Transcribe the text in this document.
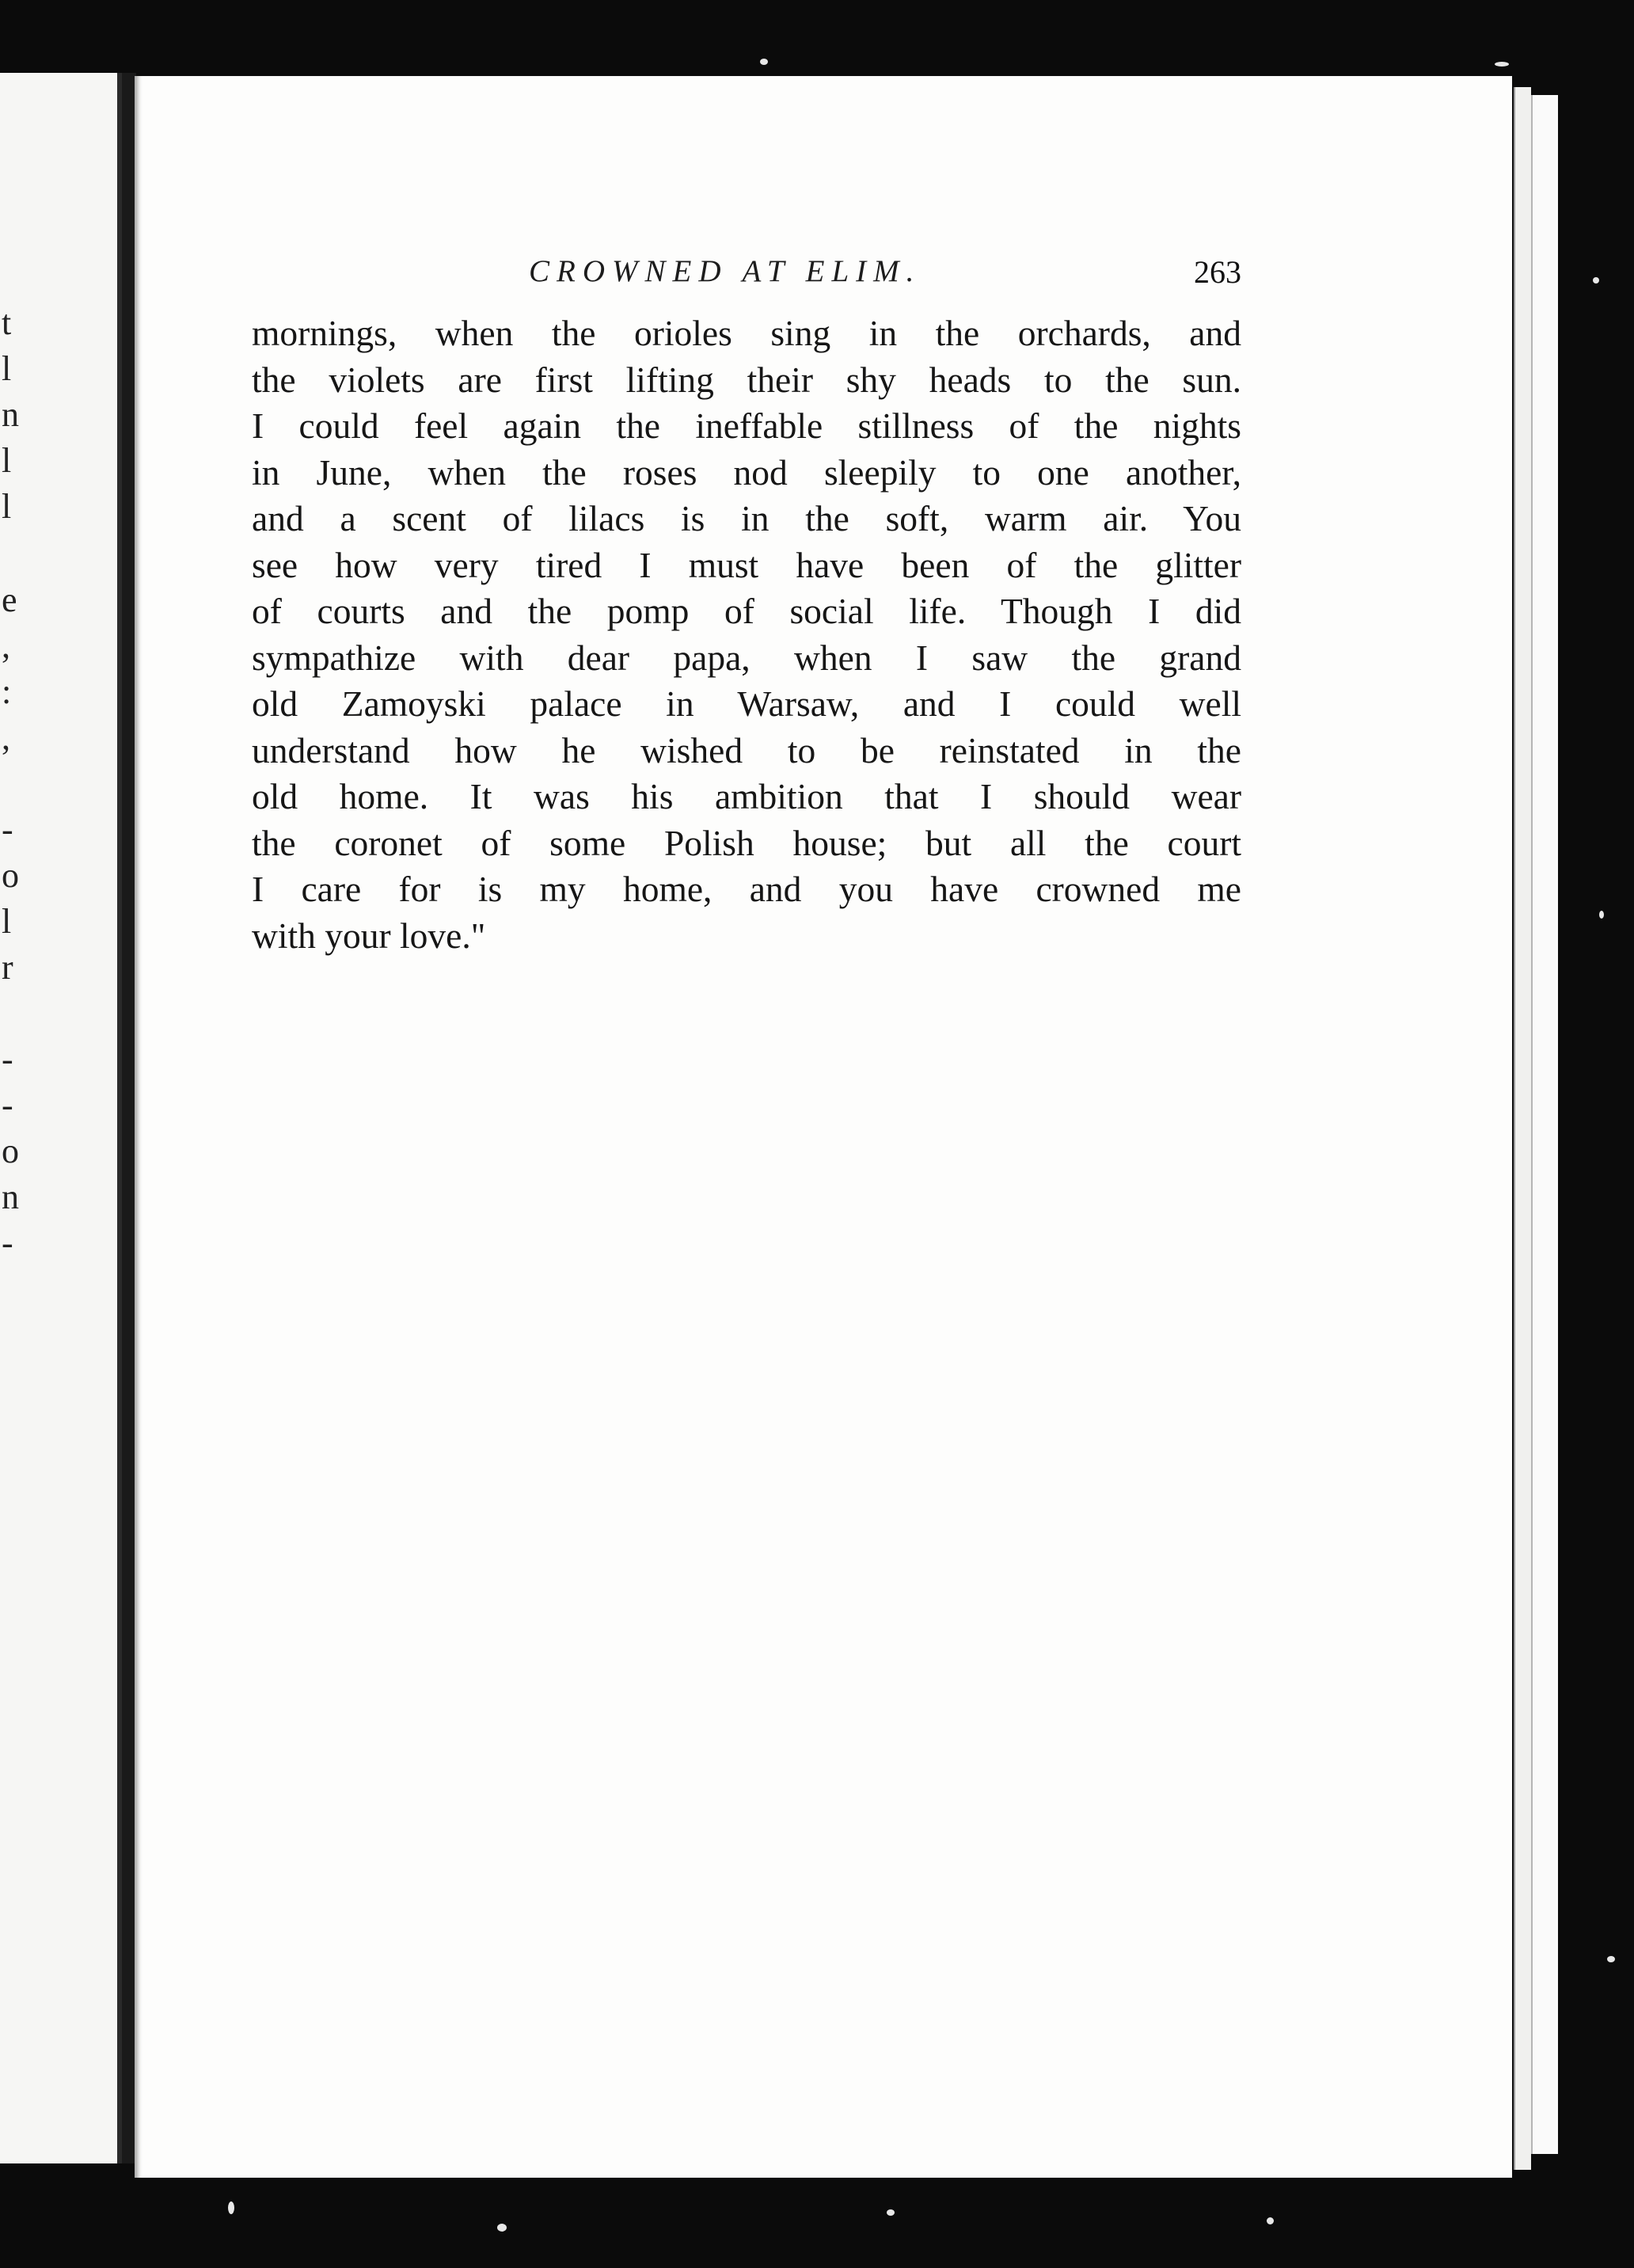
t
l
n
l
l
e
,
:
,
-
o
l
r
-
-
o
n
-
CROWNED AT ELIM.	263
mornings, when the orioles sing in the orchards, and
the violets are first lifting their shy heads to the sun.
I could feel again the ineffable stillness of the nights
in June, when the roses nod sleepily to one another,
and a scent of lilacs is in the soft, warm air. You
see how very tired I must have been of the glitter
of courts and the pomp of social life. Though I did
sympathize with dear papa, when I saw the grand
old Zamoyski palace in Warsaw, and I could well
understand how he wished to be reinstated in the
old home. It was his ambition that I should wear
the coronet of some Polish house; but all the court
I care for is my home, and you have crowned me
with your love."
